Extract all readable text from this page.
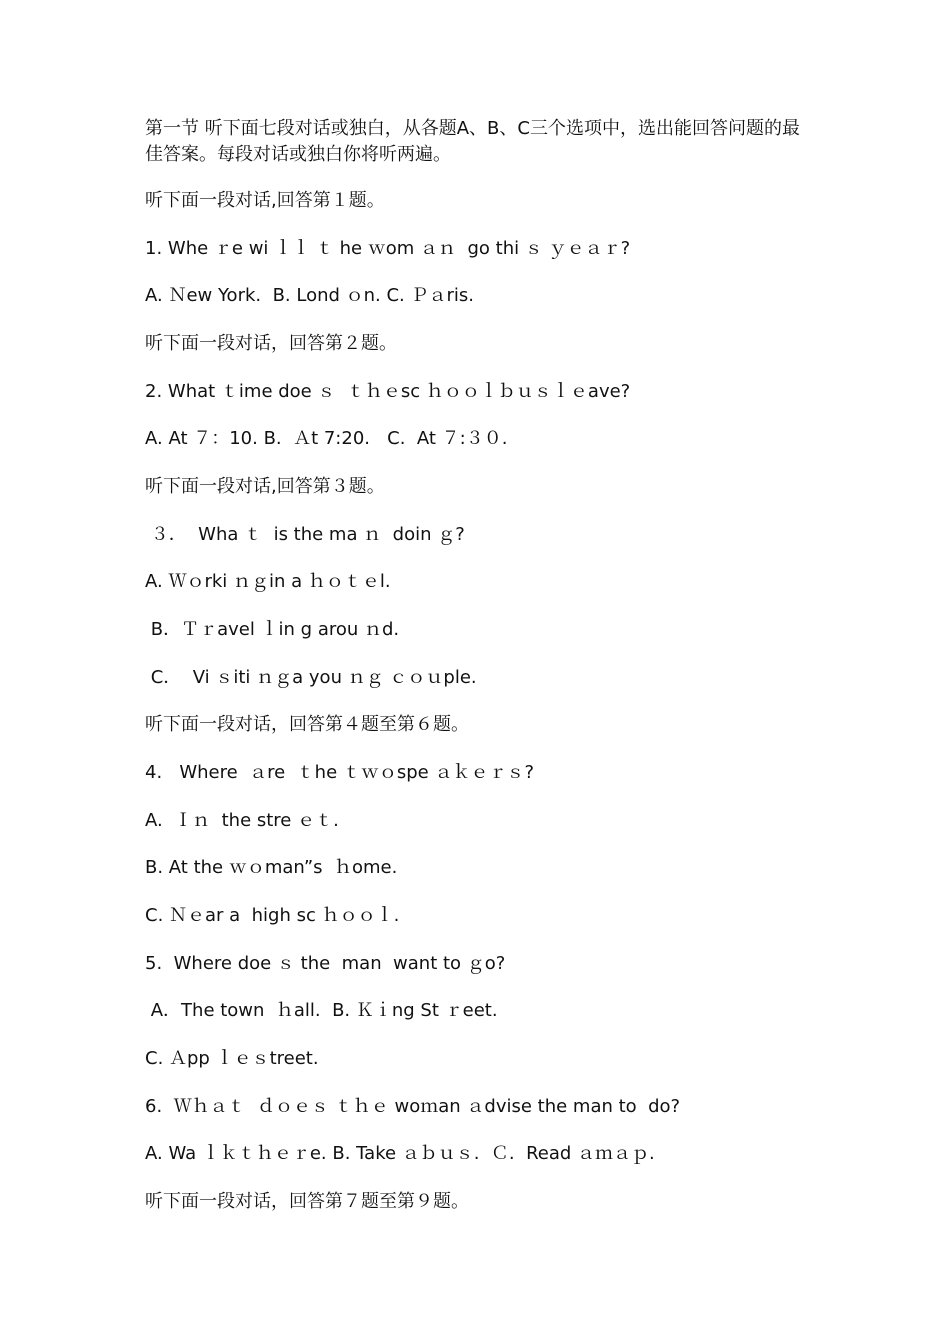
第一节 听下面七段对话或独白，从各题A、B、C三个选项中，选出能回答问题的最佳答案。每段对话或独白你将听两遍。
听下面一段对话,回答第１题。
1. Whe ｒe wi ｌｌ ｔ he ｗom ａｎ  go thi ｓ ｙｅａｒ?
A. Ｎew York.  B. Lond ｏn. C. Ｐａris.
听下面一段对话，回答第２题。
2. What ｔime doe ｓ  ｔｈｅsc ｈｏｏｌｂｕｓｌｅave?
A. At ７：10. B.  Ａt 7:20.   C.  At ７:３０.
听下面一段对话,回答第３题。
３．  Wha ｔ  is the ma ｎ  doin ｇ?
A. Ｗｏrki ｎｇin a ｈｏｔｅl.
B．Ｔｒavel ｌin g arou ｎd.
C．  Vi ｓiti ｎｇa you ｎｇ ｃｏｕple.
听下面一段对话，回答第４题至第６题。
4.   Where  ａre  ｔhe ｔｗｏspe ａｋｅｒｓ?
A.  Ｉｎ  the stre ｅｔ.
B. At the ｗｏman”s  ｈome.
C. Ｎｅar a  high sc ｈｏｏｌ.
5.  Where doe ｓ the  man  want to ｇo?
A．The town  ｈall.  B. Ｋｉng St ｒeet.
C. Ａpp ｌｅｓtreet.
6.  Ｗｈａｔ  ｄｏｅｓ ｔｈｅ woｍan ａdvise the man to  do?
A. Wa ｌｋｔｈｅｒe. B. Take ａｂｕｓ.  Ｃ.  Read ａｍａｐ.
听下面一段对话，回答第７题至第９题。
